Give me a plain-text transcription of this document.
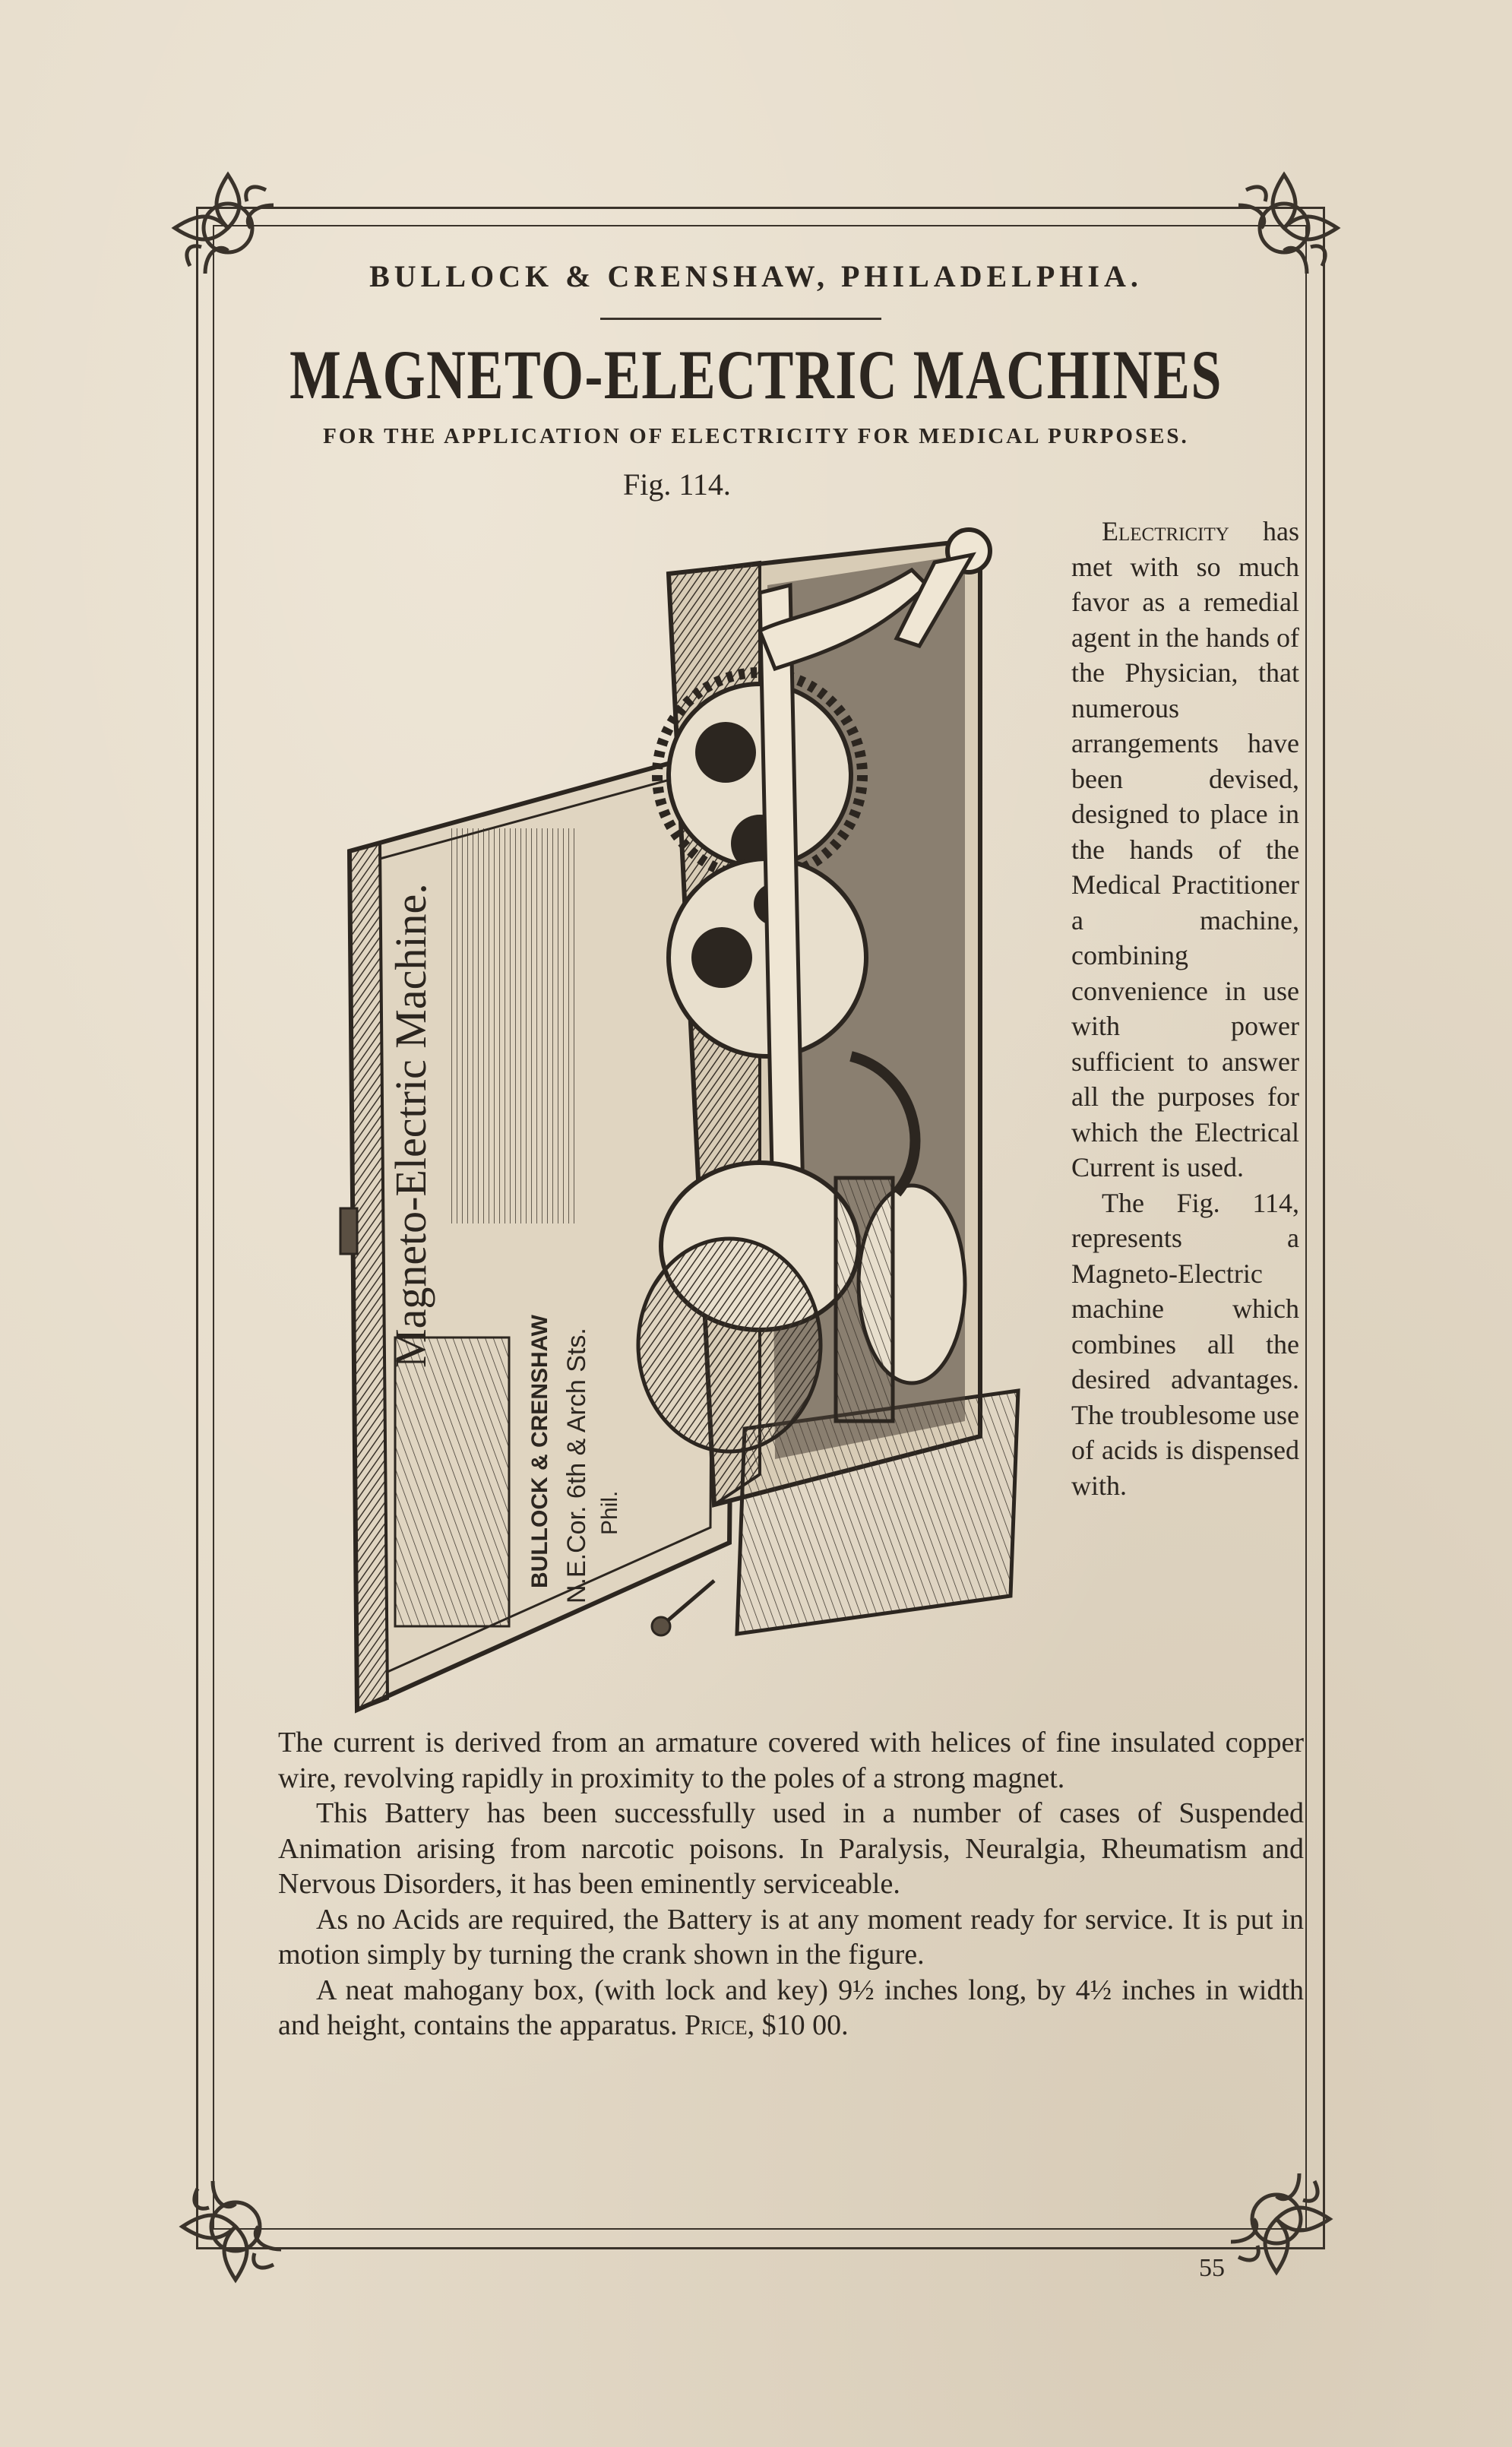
BULLOCK & CRENSHAW, PHILADELPHIA.
MAGNETO-ELECTRIC MACHINES
FOR THE APPLICATION OF ELECTRICITY FOR MEDICAL PURPOSES.
Fig. 114.
Magneto-Electric Machine.
BULLOCK & CRENSHAW N.E.Cor. 6th & Arch Sts. Phil.

Electricity has met with so much favor as a remedial agent in the hands of the Physician, that numerous arrangements have been devised, designed to place in the hands of the Medical Practitioner a machine, combining convenience in use with power sufficient to answer all the purposes for which the Electrical Current is used.

The Fig. 114, represents a Magneto-Electric machine which combines all the desired advantages. The troublesome use of acids is dispensed with.

The current is derived from an armature covered with helices of fine insulated copper wire, revolving rapidly in proximity to the poles of a strong magnet.

This Battery has been successfully used in a number of cases of Suspended Animation arising from narcotic poisons. In Paralysis, Neuralgia, Rheumatism and Nervous Disorders, it has been eminently serviceable.

As no Acids are required, the Battery is at any moment ready for service. It is put in motion simply by turning the crank shown in the figure.

A neat mahogany box, (with lock and key) 9½ inches long, by 4½ inches in width and height, contains the apparatus. Price, $10 00.

55
